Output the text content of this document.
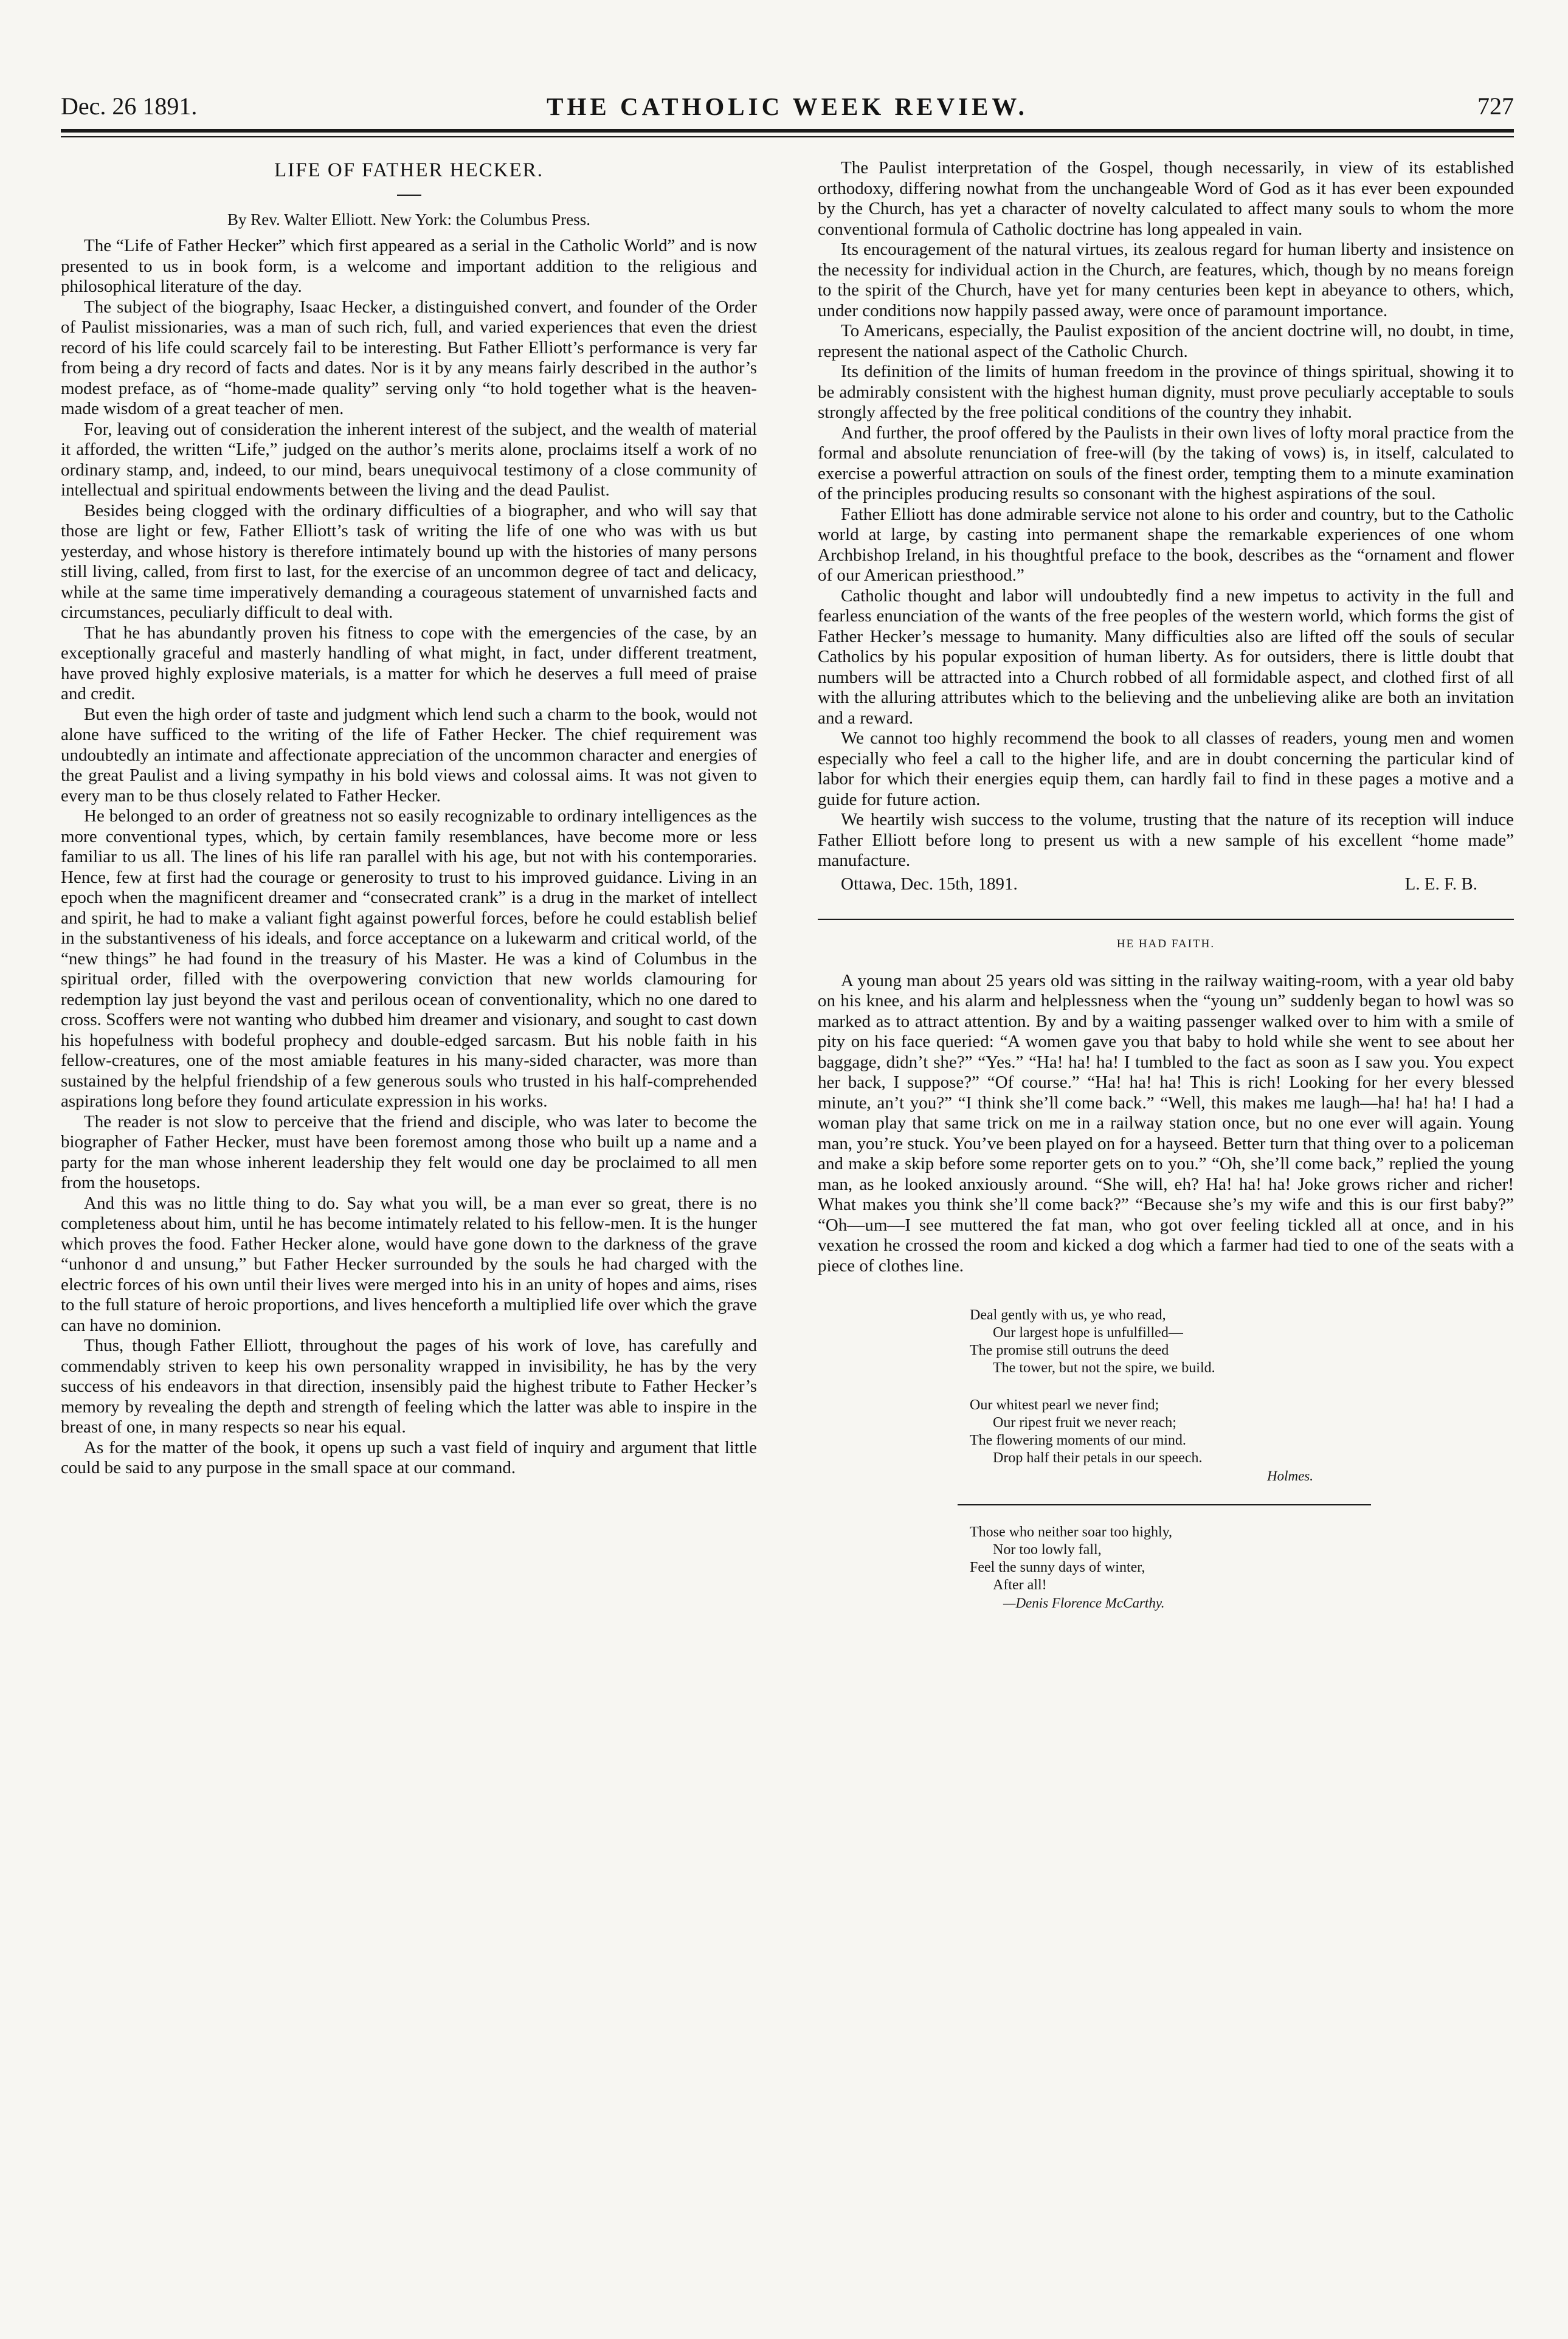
Dec. 26 1891.	THE CATHOLIC WEEK REVIEW.	727
LIFE OF FATHER HECKER.
By Rev. Walter Elliott. New York: the Columbus Press.

The “Life of Father Hecker” which first appeared as a serial in the Catholic World” and is now presented to us in book form, is a welcome and important addition to the religious and philosophical literature of the day.

The subject of the biography, Isaac Hecker, a distinguished convert, and founder of the Order of Paulist missionaries, was a man of such rich, full, and varied experiences that even the driest record of his life could scarcely fail to be interesting. But Father Elliott’s performance is very far from being a dry record of facts and dates. Nor is it by any means fairly described in the author’s modest preface, as of “home-made quality” serving only “to hold together what is the heaven-made wisdom of a great teacher of men.

For, leaving out of consideration the inherent interest of the subject, and the wealth of material it afforded, the written “Life,” judged on the author’s merits alone, proclaims itself a work of no ordinary stamp, and, indeed, to our mind, bears unequivocal testimony of a close community of intellectual and spiritual endowments between the living and the dead Paulist.

Besides being clogged with the ordinary difficulties of a biographer, and who will say that those are light or few, Father Elliott’s task of writing the life of one who was with us but yesterday, and whose history is therefore intimately bound up with the histories of many persons still living, called, from first to last, for the exercise of an uncommon degree of tact and delicacy, while at the same time imperatively demanding a courageous statement of unvarnished facts and circumstances, peculiarly difficult to deal with.

That he has abundantly proven his fitness to cope with the emergencies of the case, by an exceptionally graceful and masterly handling of what might, in fact, under different treatment, have proved highly explosive materials, is a matter for which he deserves a full meed of praise and credit.

But even the high order of taste and judgment which lend such a charm to the book, would not alone have sufficed to the writing of the life of Father Hecker. The chief requirement was undoubtedly an intimate and affectionate appreciation of the uncommon character and energies of the great Paulist and a living sympathy in his bold views and colossal aims. It was not given to every man to be thus closely related to Father Hecker.

He belonged to an order of greatness not so easily recognizable to ordinary intelligences as the more conventional types, which, by certain family resemblances, have become more or less familiar to us all. The lines of his life ran parallel with his age, but not with his contemporaries. Hence, few at first had the courage or generosity to trust to his improved guidance. Living in an epoch when the magnificent dreamer and “consecrated crank” is a drug in the market of intellect and spirit, he had to make a valiant fight against powerful forces, before he could establish belief in the substantiveness of his ideals, and force acceptance on a lukewarm and critical world, of the “new things” he had found in the treasury of his Master. He was a kind of Columbus in the spiritual order, filled with the overpowering conviction that new worlds clamouring for redemption lay just beyond the vast and perilous ocean of conventionality, which no one dared to cross. Scoffers were not wanting who dubbed him dreamer and visionary, and sought to cast down his hopefulness with bodeful prophecy and double-edged sarcasm. But his noble faith in his fellow-creatures, one of the most amiable features in his many-sided character, was more than sustained by the helpful friendship of a few generous souls who trusted in his half-comprehended aspirations long before they found articulate expression in his works.

The reader is not slow to perceive that the friend and disciple, who was later to become the biographer of Father Hecker, must have been foremost among those who built up a name and a party for the man whose inherent leadership they felt would one day be proclaimed to all men from the housetops.

And this was no little thing to do. Say what you will, be a man ever so great, there is no completeness about him, until he has become intimately related to his fellow-men. It is the hunger which proves the food. Father Hecker alone, would have gone down to the darkness of the grave “unhonor d and unsung,” but Father Hecker surrounded by the souls he had charged with the electric forces of his own until their lives were merged into his in an unity of hopes and aims, rises to the full stature of heroic proportions, and lives henceforth a multiplied life over which the grave can have no dominion.

Thus, though Father Elliott, throughout the pages of his work of love, has carefully and commendably striven to keep his own personality wrapped in invisibility, he has by the very success of his endeavors in that direction, insensibly paid the highest tribute to Father Hecker’s memory by revealing the depth and strength of feeling which the latter was able to inspire in the breast of one, in many respects so near his equal.

As for the matter of the book, it opens up such a vast field of inquiry and argument that little could be said to any purpose in the small space at our command.

The Paulist interpretation of the Gospel, though necessarily, in view of its established orthodoxy, differing nowhat from the unchangeable Word of God as it has ever been expounded by the Church, has yet a character of novelty calculated to affect many souls to whom the more conventional formula of Catholic doctrine has long appealed in vain.

Its encouragement of the natural virtues, its zealous regard for human liberty and insistence on the necessity for individual action in the Church, are features, which, though by no means foreign to the spirit of the Church, have yet for many centuries been kept in abeyance to others, which, under conditions now happily passed away, were once of paramount importance.

To Americans, especially, the Paulist exposition of the ancient doctrine will, no doubt, in time, represent the national aspect of the Catholic Church.

Its definition of the limits of human freedom in the province of things spiritual, showing it to be admirably consistent with the highest human dignity, must prove peculiarly acceptable to souls strongly affected by the free political conditions of the country they inhabit.

And further, the proof offered by the Paulists in their own lives of lofty moral practice from the formal and absolute renunciation of free-will (by the taking of vows) is, in itself, calculated to exercise a powerful attraction on souls of the finest order, tempting them to a minute examination of the principles producing results so consonant with the highest aspirations of the soul.

Father Elliott has done admirable service not alone to his order and country, but to the Catholic world at large, by casting into permanent shape the remarkable experiences of one whom Archbishop Ireland, in his thoughtful preface to the book, describes as the “ornament and flower of our American priesthood.”

Catholic thought and labor will undoubtedly find a new impetus to activity in the full and fearless enunciation of the wants of the free peoples of the western world, which forms the gist of Father Hecker’s message to humanity. Many difficulties also are lifted off the souls of secular Catholics by his popular exposition of human liberty. As for outsiders, there is little doubt that numbers will be attracted into a Church robbed of all formidable aspect, and clothed first of all with the alluring attributes which to the believing and the unbelieving alike are both an invitation and a reward.

We cannot too highly recommend the book to all classes of readers, young men and women especially who feel a call to the higher life, and are in doubt concerning the particular kind of labor for which their energies equip them, can hardly fail to find in these pages a motive and a guide for future action.

We heartily wish success to the volume, trusting that the nature of its reception will induce Father Elliott before long to present us with a new sample of his excellent “home made” manufacture.

Ottawa, Dec. 15th, 1891.	L. E. F. B.
HE HAD FAITH.

A young man about 25 years old was sitting in the railway waiting-room, with a year old baby on his knee, and his alarm and helplessness when the “young un” suddenly began to howl was so marked as to attract attention. By and by a waiting passenger walked over to him with a smile of pity on his face queried: “A women gave you that baby to hold while she went to see about her baggage, didn’t she?” “Yes.” “Ha! ha! ha! I tumbled to the fact as soon as I saw you. You expect her back, I suppose?” “Of course.” “Ha! ha! ha! This is rich! Looking for her every blessed minute, an’t you?” “I think she’ll come back.” “Well, this makes me laugh—ha! ha! ha! I had a woman play that same trick on me in a railway station once, but no one ever will again. Young man, you’re stuck. You’ve been played on for a hayseed. Better turn that thing over to a policeman and make a skip before some reporter gets on to you.” “Oh, she’ll come back,” replied the young man, as he looked anxiously around. “She will, eh? Ha! ha! ha! Joke grows richer and richer! What makes you think she’ll come back?” “Because she’s my wife and this is our first baby?” “Oh—um—I see muttered the fat man, who got over feeling tickled all at once, and in his vexation he crossed the room and kicked a dog which a farmer had tied to one of the seats with a piece of clothes line.

Deal gently with us, ye who read,
Our largest hope is unfulfilled—
The promise still outruns the deed
The tower, but not the spire, we build.
Our whitest pearl we never find;
Our ripest fruit we never reach;
The flowering moments of our mind.
Drop half their petals in our speech.
Holmes.
Those who neither soar too highly,
Nor too lowly fall,
Feel the sunny days of winter,
After all!
—Denis Florence McCarthy.
